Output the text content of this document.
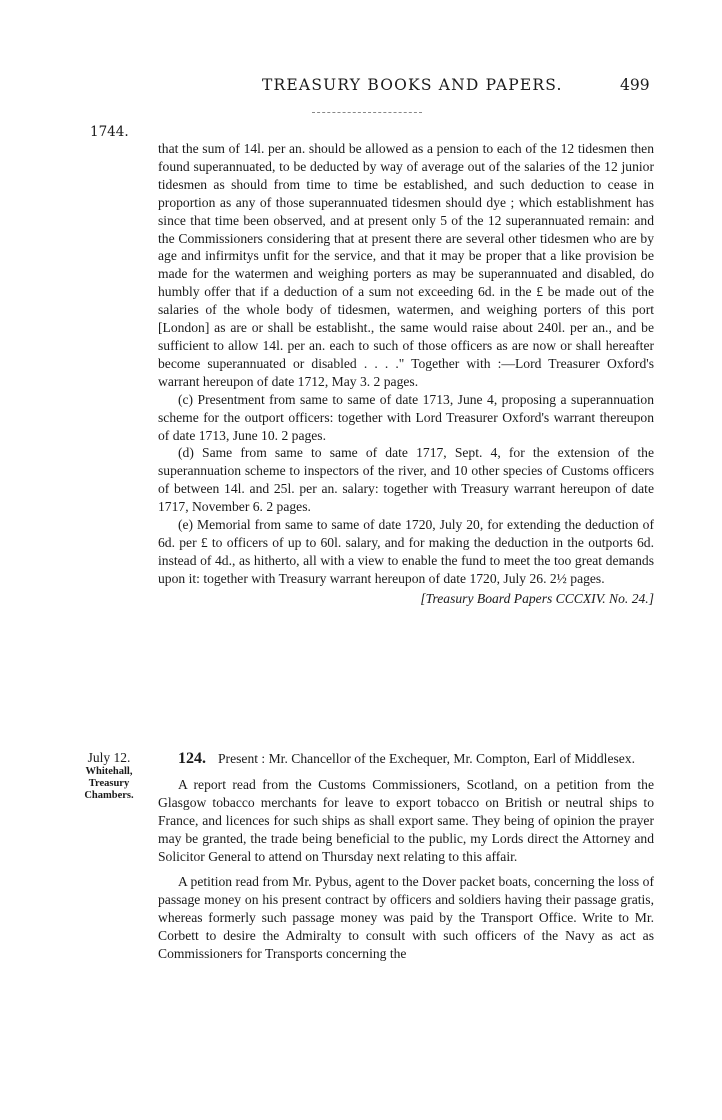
TREASURY BOOKS AND PAPERS.	499
1744.

that the sum of 14l. per an. should be allowed as a pension to each of the 12 tidesmen then found superannuated, to be deducted by way of average out of the salaries of the 12 junior tidesmen as should from time to time be established, and such deduction to cease in proportion as any of those superannuated tidesmen should dye ; which establishment has since that time been observed, and at present only 5 of the 12 superannuated remain: and the Commissioners considering that at present there are several other tidesmen who are by age and infirmitys unfit for the service, and that it may be proper that a like provision be made for the watermen and weighing porters as may be superannuated and disabled, do humbly offer that if a deduction of a sum not exceeding 6d. in the £ be made out of the salaries of the whole body of tidesmen, watermen, and weighing porters of this port [London] as are or shall be establisht., the same would raise about 240l. per an., and be sufficient to allow 14l. per an. each to such of those officers as are now or shall hereafter become superannuated or disabled . . . ." Together with :—Lord Treasurer Oxford's warrant hereupon of date 1712, May 3. 2 pages.

(c) Presentment from same to same of date 1713, June 4, proposing a superannuation scheme for the outport officers: together with Lord Treasurer Oxford's warrant thereupon of date 1713, June 10. 2 pages.

(d) Same from same to same of date 1717, Sept. 4, for the extension of the superannuation scheme to inspectors of the river, and 10 other species of Customs officers of between 14l. and 25l. per an. salary: together with Treasury warrant hereupon of date 1717, November 6. 2 pages.

(e) Memorial from same to same of date 1720, July 20, for extending the deduction of 6d. per £ to officers of up to 60l. salary, and for making the deduction in the outports 6d. instead of 4d., as hitherto, all with a view to enable the fund to meet the too great demands upon it: together with Treasury warrant hereupon of date 1720, July 26. 2½ pages.

[Treasury Board Papers CCCXIV. No. 24.]

July 12.
Whitehall, Treasury Chambers.

124. Present : Mr. Chancellor of the Exchequer, Mr. Compton, Earl of Middlesex.

A report read from the Customs Commissioners, Scotland, on a petition from the Glasgow tobacco merchants for leave to export tobacco on British or neutral ships to France, and licences for such ships as shall export same. They being of opinion the prayer may be granted, the trade being beneficial to the public, my Lords direct the Attorney and Solicitor General to attend on Thursday next relating to this affair.

A petition read from Mr. Pybus, agent to the Dover packet boats, concerning the loss of passage money on his present contract by officers and soldiers having their passage gratis, whereas formerly such passage money was paid by the Transport Office. Write to Mr. Corbett to desire the Admiralty to consult with such officers of the Navy as act as Commissioners for Transports concerning the
